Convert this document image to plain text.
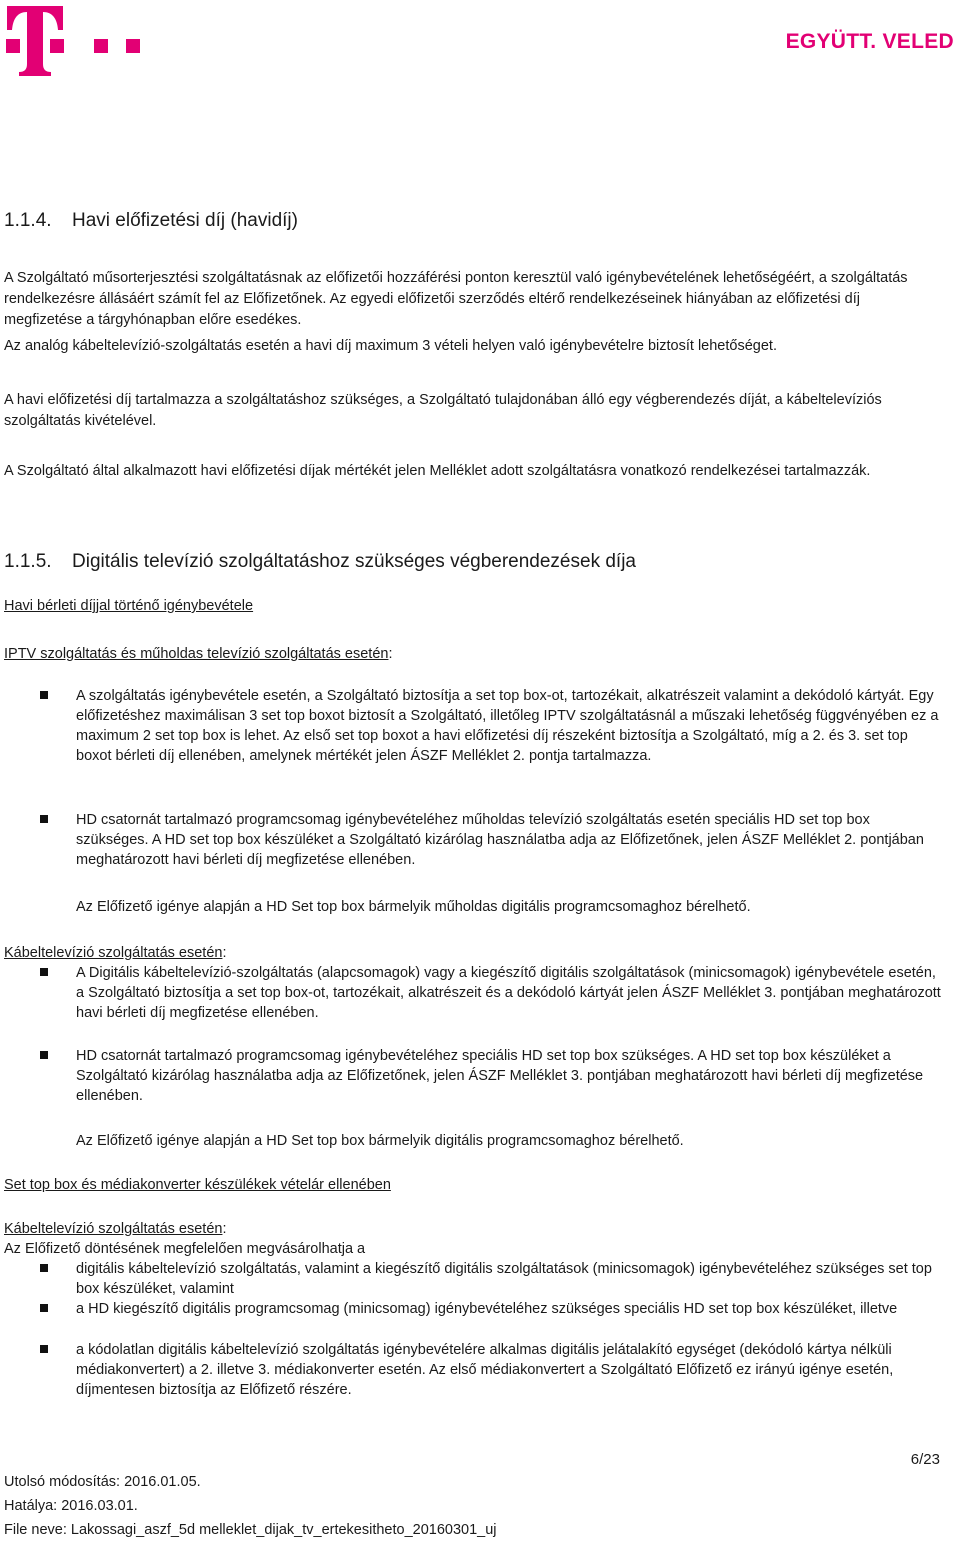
EGYÜTT. VELED
1.1.4. Havi előfizetési díj (havidíj)

A Szolgáltató műsorterjesztési szolgáltatásnak az előfizetői hozzáférési ponton keresztül való igénybevételének lehetőségéért, a szolgáltatás rendelkezésre állásáért számít fel az Előfizetőnek. Az egyedi előfizetői szerződés eltérő rendelkezéseinek hiányában az előfizetési díj megfizetése a tárgyhónapban előre esedékes.

Az analóg kábeltelevízió-szolgáltatás esetén a havi díj maximum 3 vételi helyen való igénybevételre biztosít lehetőséget.

A havi előfizetési díj tartalmazza a szolgáltatáshoz szükséges, a Szolgáltató tulajdonában álló egy végberendezés díját, a kábeltelevíziós szolgáltatás kivételével.

A Szolgáltató által alkalmazott havi előfizetési díjak mértékét jelen Melléklet adott szolgáltatásra vonatkozó rendelkezései tartalmazzák.

1.1.5. Digitális televízió szolgáltatáshoz szükséges végberendezések díja

Havi bérleti díjjal történő igénybevétele

IPTV szolgáltatás és műholdas televízió szolgáltatás esetén:

A szolgáltatás igénybevétele esetén, a Szolgáltató biztosítja a set top box-ot, tartozékait, alkatrészeit valamint a dekódoló kártyát. Egy előfizetéshez maximálisan 3 set top boxot biztosít a Szolgáltató, illetőleg IPTV szolgáltatásnál a műszaki lehetőség függvényében ez a maximum 2 set top box is lehet. Az első set top boxot a havi előfizetési díj részeként biztosítja a Szolgáltató, míg a 2. és 3. set top boxot bérleti díj ellenében, amelynek mértékét jelen ÁSZF Melléklet 2. pontja tartalmazza.

HD csatornát tartalmazó programcsomag igénybevételéhez műholdas televízió szolgáltatás esetén speciális HD set top box szükséges. A HD set top box készüléket a Szolgáltató kizárólag használatba adja az Előfizetőnek, jelen ÁSZF Melléklet 2. pontjában meghatározott havi bérleti díj megfizetése ellenében.

Az Előfizető igénye alapján a HD Set top box bármelyik műholdas digitális programcsomaghoz bérelhető.

Kábeltelevízió szolgáltatás esetén:

A Digitális kábeltelevízió-szolgáltatás (alapcsomagok) vagy a kiegészítő digitális szolgáltatások (minicsomagok) igénybevétele esetén, a Szolgáltató biztosítja a set top box-ot, tartozékait, alkatrészeit és a dekódoló kártyát jelen ÁSZF Melléklet 3. pontjában meghatározott havi bérleti díj megfizetése ellenében.

HD csatornát tartalmazó programcsomag igénybevételéhez speciális HD set top box szükséges. A HD set top box készüléket a Szolgáltató kizárólag használatba adja az Előfizetőnek, jelen ÁSZF Melléklet 3. pontjában meghatározott havi bérleti díj megfizetése ellenében.

Az Előfizető igénye alapján a HD Set top box bármelyik digitális programcsomaghoz bérelhető.

Set top box és médiakonverter készülékek vételár ellenében

Kábeltelevízió szolgáltatás esetén:

Az Előfizető döntésének megfelelően megvásárolhatja a

digitális kábeltelevízió szolgáltatás, valamint a kiegészítő digitális szolgáltatások (minicsomagok) igénybevételéhez szükséges set top box készüléket, valamint

a HD kiegészítő digitális programcsomag (minicsomag) igénybevételéhez szükséges speciális HD set top box készüléket, illetve

a kódolatlan digitális kábeltelevízió szolgáltatás igénybevételére alkalmas digitális jelátalakító egységet (dekódoló kártya nélküli médiakonvertert) a 2. illetve 3. médiakonverter esetén. Az első médiakonvertert a Szolgáltató Előfizető ez irányú igénye esetén, díjmentesen biztosítja az Előfizető részére.

6/23
Utolsó módosítás: 2016.01.05.
Hatálya: 2016.03.01.
File neve: Lakossagi_aszf_5d melleklet_dijak_tv_ertekesitheto_20160301_uj
